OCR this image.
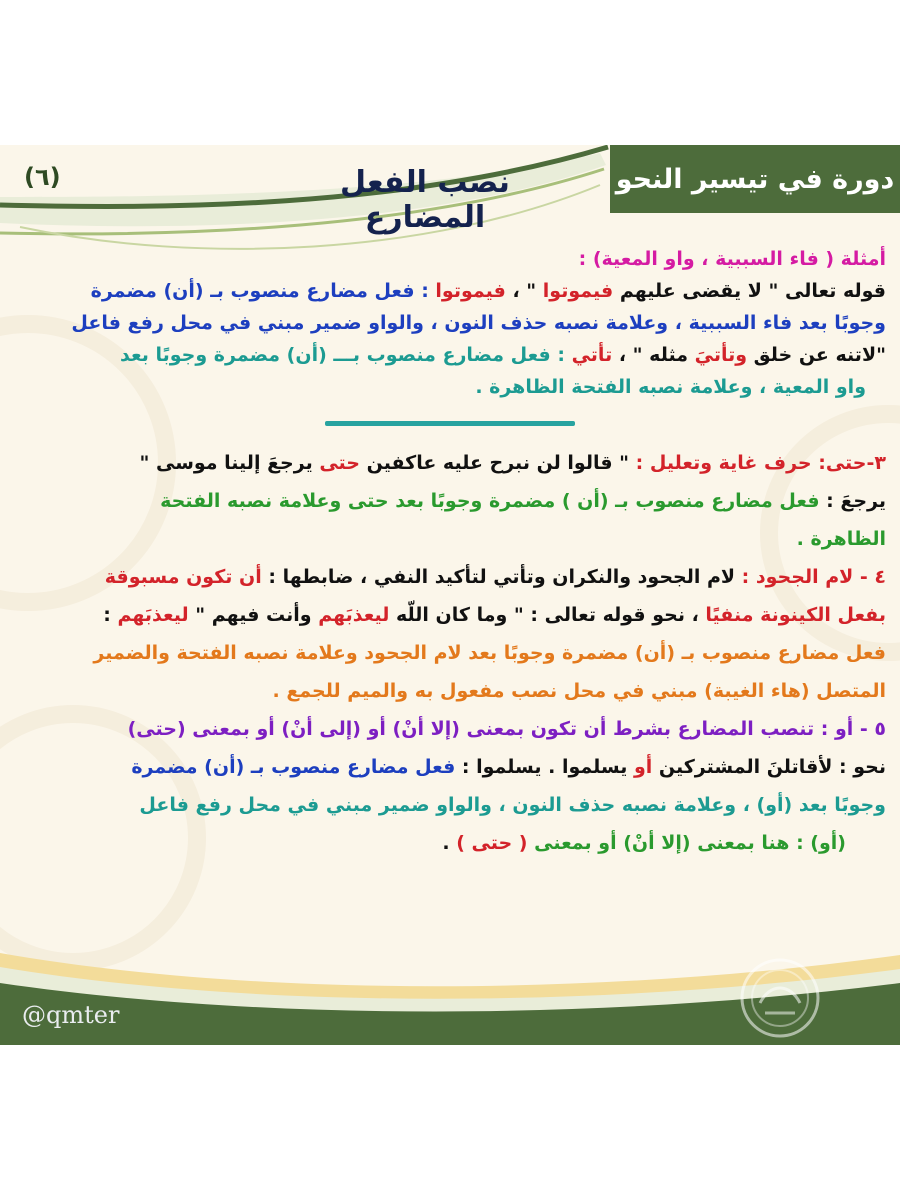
دورة في تيسير النحو
نصب الفعل المضارع
(٦)
أمثلة ( فاء السببية ، واو المعية) :
قوله تعالى " لا يقضى عليهم فيموتوا " ، فيموتوا : فعل مضارع منصوب بـ (أن) مضمرة
وجوبًا بعد فاء السببية ، وعلامة نصبه حذف النون ، والواو ضمير مبني في محل رفع فاعل
"لاتنه عن خلق وتأتيَ مثله " ، تأتي : فعل مضارع منصوب بـــ (أن) مضمرة وجوبًا بعد
واو المعية ، وعلامة نصبه الفتحة الظاهرة .
٣-حتى: حرف غاية وتعليل : " قالوا لن نبرح عليه عاكفين حتى يرجعَ إلينا موسى "
يرجعَ : فعل مضارع منصوب بـ (أن ) مضمرة وجوبًا بعد حتى وعلامة نصبه الفتحة
الظاهرة .
٤ - لام الجحود : لام الجحود والنكران وتأتي لتأكيد النفي ، ضابطها : أن تكون مسبوقة
بفعل الكينونة منفيًا ، نحو قوله تعالى : " وما كان اللّه ليعذبَهم وأنت فيهم " ليعذبَهم :
فعل مضارع منصوب بـ (أن) مضمرة وجوبًا بعد لام الجحود وعلامة نصبه الفتحة والضمير
المتصل (هاء الغيبة) مبني في محل نصب مفعول به والميم للجمع .
٥ - أو : تنصب المضارع بشرط أن تكون بمعنى (إلا أنْ) أو (إلى أنْ) أو بمعنى (حتى)
نحو : لأقاتلنَ المشتركين أو يسلموا . يسلموا : فعل مضارع منصوب بـ (أن) مضمرة
وجوبًا بعد (أو) ، وعلامة نصبه حذف النون ، والواو ضمير مبني في محل رفع فاعل
(أو) : هنا بمعنى (إلا أنْ) أو بمعنى ( حتى ) .
@qmter
